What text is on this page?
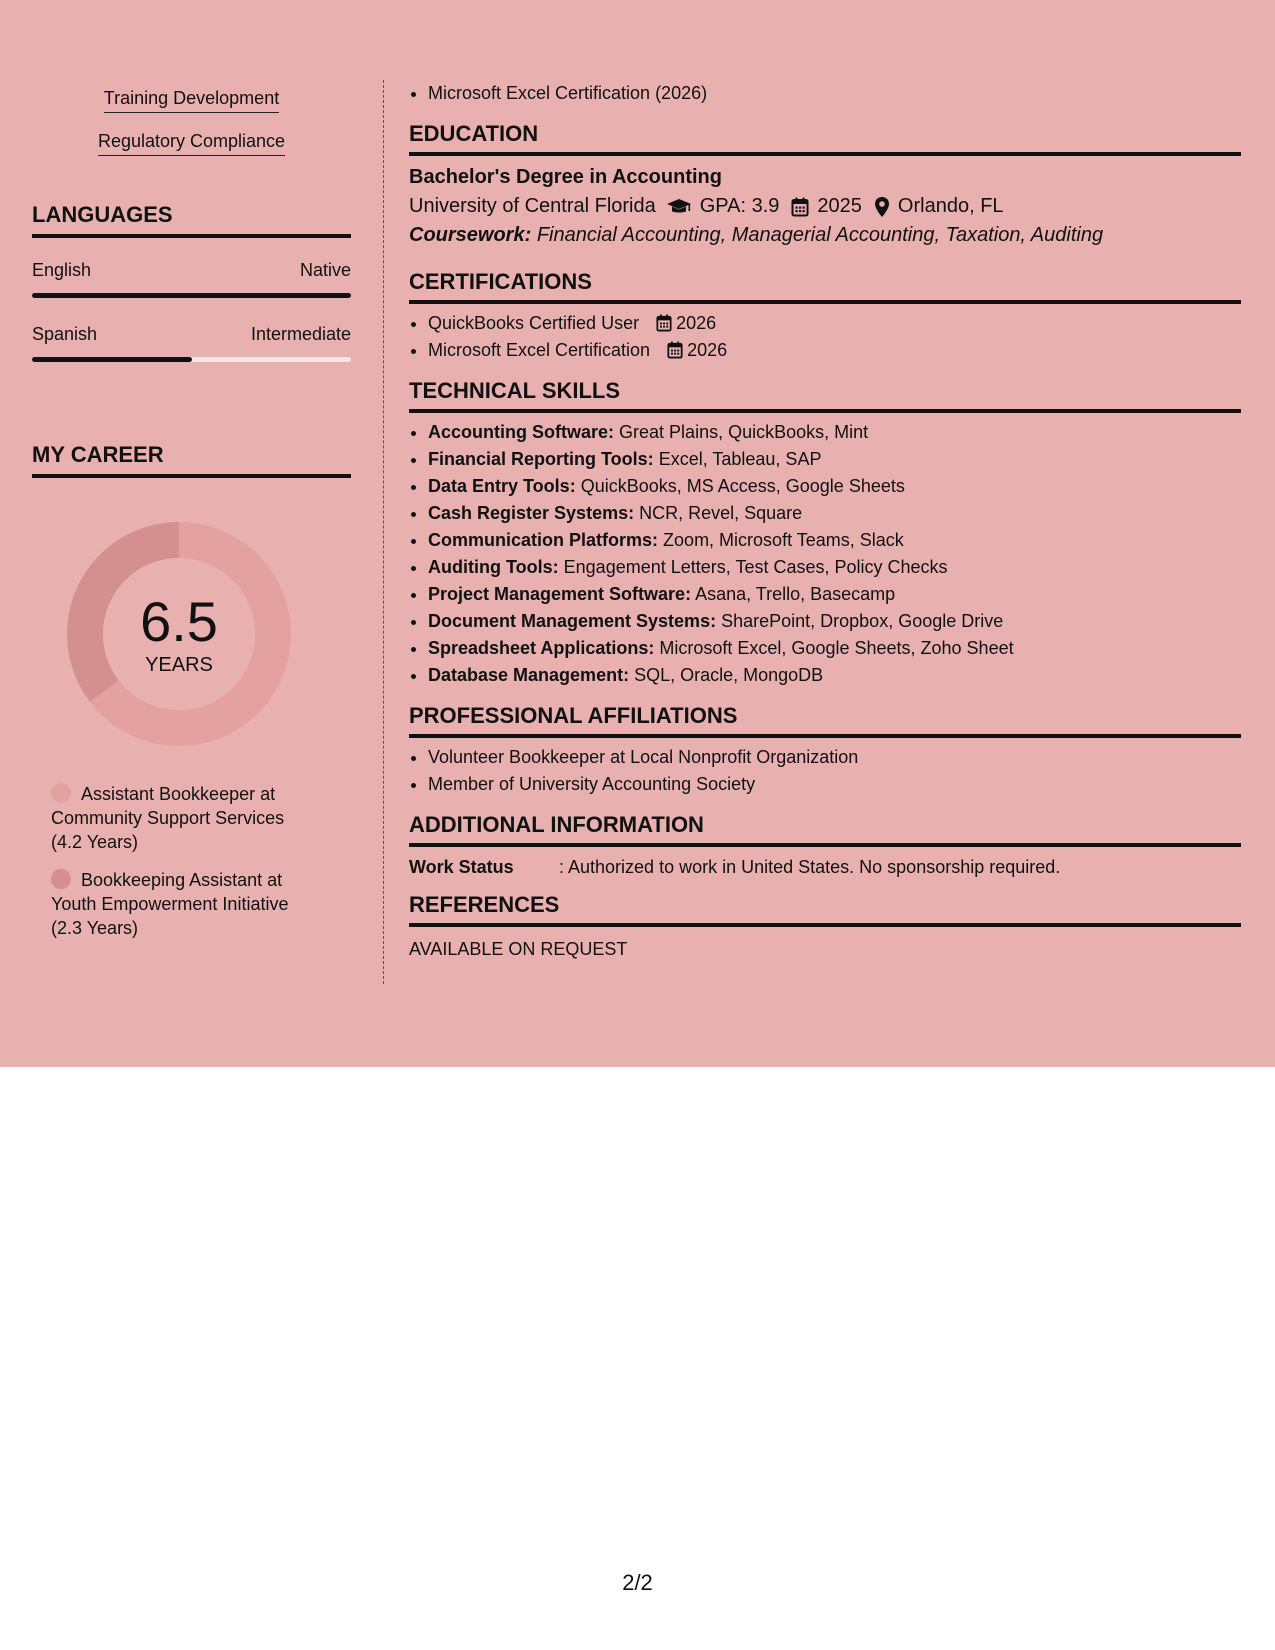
Training Development
Regulatory Compliance
LANGUAGES
English	Native
Spanish	Intermediate
MY CAREER
6.5
YEARS
Assistant Bookkeeper at Community Support Services (4.2 Years)
Bookkeeping Assistant at Youth Empowerment Initiative (2.3 Years)
• Microsoft Excel Certification (2026)
EDUCATION
Bachelor's Degree in Accounting
University of Central Florida GPA: 3.9 2025 Orlando, FL
Coursework: Financial Accounting, Managerial Accounting, Taxation, Auditing
CERTIFICATIONS
• QuickBooks Certified User 2026
• Microsoft Excel Certification 2026
TECHNICAL SKILLS
• Accounting Software: Great Plains, QuickBooks, Mint
• Financial Reporting Tools: Excel, Tableau, SAP
• Data Entry Tools: QuickBooks, MS Access, Google Sheets
• Cash Register Systems: NCR, Revel, Square
• Communication Platforms: Zoom, Microsoft Teams, Slack
• Auditing Tools: Engagement Letters, Test Cases, Policy Checks
• Project Management Software: Asana, Trello, Basecamp
• Document Management Systems: SharePoint, Dropbox, Google Drive
• Spreadsheet Applications: Microsoft Excel, Google Sheets, Zoho Sheet
• Database Management: SQL, Oracle, MongoDB
PROFESSIONAL AFFILIATIONS
• Volunteer Bookkeeper at Local Nonprofit Organization
• Member of University Accounting Society
ADDITIONAL INFORMATION
Work Status	: Authorized to work in United States. No sponsorship required.
REFERENCES
AVAILABLE ON REQUEST
2/2
